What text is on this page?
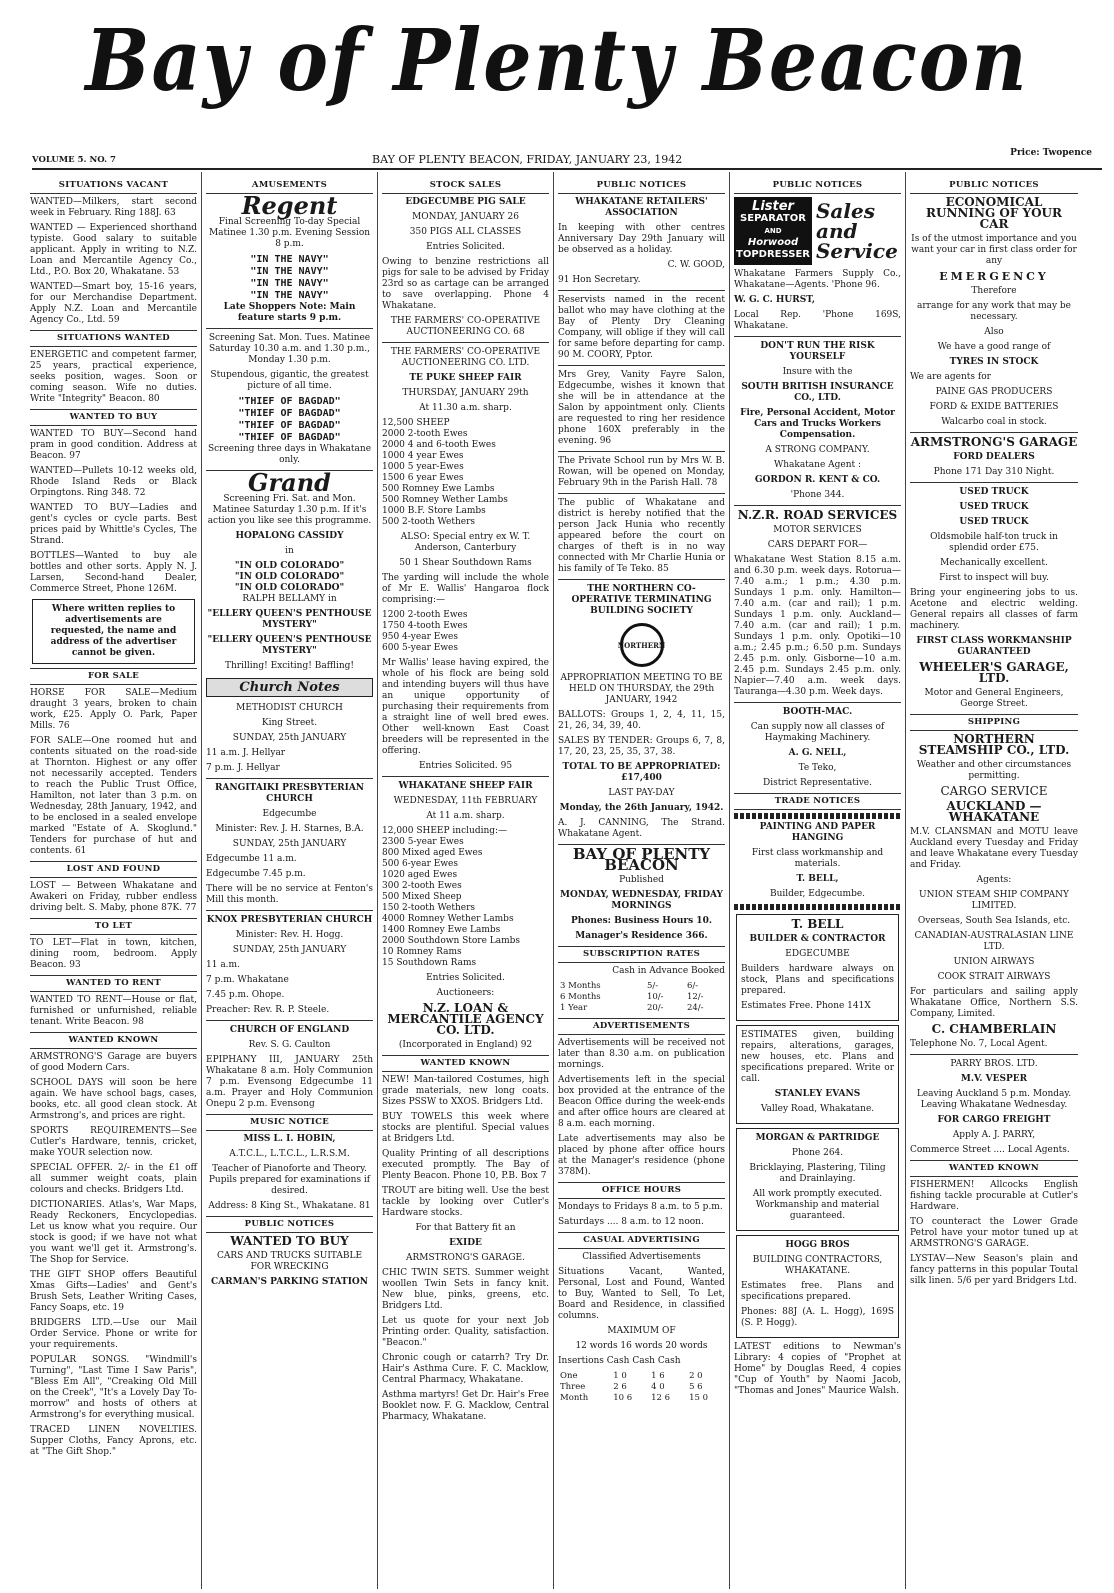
Bay of Plenty Beacon
Price: Twopence
VOLUME 5. NO. 7	BAY OF PLENTY BEACON, FRIDAY, JANUARY 23, 1942
SITUATIONS VACANT

WANTED—Milkers, start second week in February. Ring 188J. 63

WANTED — Experienced shorthand typiste. Good salary to suitable applicant. Apply in writing to N.Z. Loan and Mercantile Agency Co., Ltd., P.O. Box 20, Whakatane. 53

WANTED—Smart boy, 15-16 years, for our Merchandise Department. Apply N.Z. Loan and Mercantile Agency Co., Ltd. 59

SITUATIONS WANTED

ENERGETIC and competent farmer, 25 years, practical experience, seeks position, wages. Soon or coming season. Wife no duties. Write "Integrity" Beacon. 80

WANTED TO BUY

WANTED TO BUY—Second hand pram in good condition. Address at Beacon. 97

WANTED—Pullets 10-12 weeks old, Rhode Island Reds or Black Orpingtons. Ring 348. 72

WANTED TO BUY—Ladies and gent's cycles or cycle parts. Best prices paid by Whittle's Cycles, The Strand.

BOTTLES—Wanted to buy ale bottles and other sorts. Apply N. J. Larsen, Second-hand Dealer, Commerce Street, Phone 126M.

Where written replies to advertisements are requested, the name and address of the advertiser cannot be given.
FOR SALE

HORSE FOR SALE—Medium draught 3 years, broken to chain work, £25. Apply O. Park, Paper Mills. 76

FOR SALE—One roomed hut and contents situated on the road-side at Thornton. Highest or any offer not necessarily accepted. Tenders to reach the Public Trust Office, Hamilton, not later than 3 p.m. on Wednesday, 28th January, 1942, and to be enclosed in a sealed envelope marked "Estate of A. Skoglund." Tenders for purchase of hut and contents. 61

LOST AND FOUND

LOST — Between Whakatane and Awakeri on Friday, rubber endless driving belt. S. Maby, phone 87K. 77

TO LET

TO LET—Flat in town, kitchen, dining room, bedroom. Apply Beacon. 93

WANTED TO RENT

WANTED TO RENT—House or flat, furnished or unfurnished, reliable tenant. Write Beacon. 98

WANTED KNOWN

ARMSTRONG'S Garage are buyers of good Modern Cars.

SCHOOL DAYS will soon be here again. We have school bags, cases, books, etc. all good clean stock. At Armstrong's, and prices are right.

SPORTS REQUIREMENTS—See Cutler's Hardware, tennis, cricket, make YOUR selection now.

SPECIAL OFFER. 2/- in the £1 off all summer weight coats, plain colours and checks. Bridgers Ltd.

DICTIONARIES. Atlas's, War Maps, Ready Reckoners, Encyclopedias. Let us know what you require. Our stock is good; if we have not what you want we'll get it. Armstrong's. The Shop for Service.

THE GIFT SHOP offers Beautiful Xmas Gifts—Ladies' and Gent's Brush Sets, Leather Writing Cases, Fancy Soaps, etc. 19

BRIDGERS LTD.—Use our Mail Order Service. Phone or write for your requirements.

POPULAR SONGS. "Windmill's Turning", "Last Time I Saw Paris", "Bless Em All", "Creaking Old Mill on the Creek", "It's a Lovely Day To-morrow" and hosts of others at Armstrong's for everything musical.

TRACED LINEN NOVELTIES. Supper Cloths, Fancy Aprons, etc. at "The Gift Shop."

AMUSEMENTS
Regent

Final Screening To-day Special Matinee 1.30 p.m. Evening Session 8 p.m.

"IN THE NAVY"
"IN THE NAVY"
"IN THE NAVY"
"IN THE NAVY"

Late Shoppers Note: Main feature starts 9 p.m.

Screening Sat. Mon. Tues. Matinee Saturday 10.30 a.m. and 1.30 p.m., Monday 1.30 p.m.

Stupendous, gigantic, the greatest picture of all time.

"THIEF OF BAGDAD"
"THIEF OF BAGDAD"
"THIEF OF BAGDAD"
"THIEF OF BAGDAD"

Screening three days in Whakatane only.

Grand

Screening Fri. Sat. and Mon. Matinee Saturday 1.30 p.m. If it's action you like see this programme.

HOPALONG CASSIDY

in

"IN OLD COLORADO"
"IN OLD COLORADO"
"IN OLD COLORADO"

RALPH BELLAMY in

"ELLERY QUEEN'S PENTHOUSE MYSTERY"

"ELLERY QUEEN'S PENTHOUSE MYSTERY"

Thrilling! Exciting! Baffling!

Church Notes

METHODIST CHURCH

King Street.

SUNDAY, 25th JANUARY

11 a.m. J. Hellyar

7 p.m. J. Hellyar

RANGITAIKI PRESBYTERIAN CHURCH

Edgecumbe

Minister: Rev. J. H. Starnes, B.A.

SUNDAY, 25th JANUARY

Edgecumbe 11 a.m.

Edgecumbe 7.45 p.m.

There will be no service at Fenton's Mill this month.

KNOX PRESBYTERIAN CHURCH

Minister: Rev. H. Hogg.

SUNDAY, 25th JANUARY

11 a.m.

7 p.m. Whakatane

7.45 p.m. Ohope.

Preacher: Rev. R. P. Steele.

CHURCH OF ENGLAND

Rev. S. G. Caulton

EPIPHANY III, JANUARY 25th Whakatane 8 a.m. Holy Communion 7 p.m. Evensong Edgecumbe 11 a.m. Prayer and Holy Communion Onepu 2 p.m. Evensong

MUSIC NOTICE

MISS L. I. HOBIN,

A.T.C.L., L.T.C.L., L.R.S.M.

Teacher of Pianoforte and Theory. Pupils prepared for examinations if desired.

Address: 8 King St., Whakatane. 81

PUBLIC NOTICES

WANTED TO BUY

CARS AND TRUCKS SUITABLE FOR WRECKING

CARMAN'S PARKING STATION

STOCK SALES

EDGECUMBE PIG SALE

MONDAY, JANUARY 26

350 PIGS ALL CLASSES

Entries Solicited.

Owing to benzine restrictions all pigs for sale to be advised by Friday 23rd so as cartage can be arranged to save overlapping. Phone 4 Whakatane.

THE FARMERS' CO-OPERATIVE AUCTIONEERING CO. 68

THE FARMERS' CO-OPERATIVE AUCTIONEERING CO. LTD.

TE PUKE SHEEP FAIR

THURSDAY, JANUARY 29th

At 11.30 a.m. sharp.

12,500 SHEEP
2000 2-tooth Ewes
2000 4 and 6-tooth Ewes
1000 4 year Ewes
1000 5 year-Ewes
1500 6 year Ewes
500 Romney Ewe Lambs
500 Romney Wether Lambs
1000 B.F. Store Lambs
500 2-tooth Wethers

ALSO: Special entry ex W. T. Anderson, Canterbury

50 1 Shear Southdown Rams

The yarding will include the whole of Mr E. Wallis' Hangaroa flock comprising:—

1200 2-tooth Ewes
1750 4-tooth Ewes
950 4-year Ewes
600 5-year Ewes

Mr Wallis' lease having expired, the whole of his flock are being sold and intending buyers will thus have an unique opportunity of purchasing their requirements from a straight line of well bred ewes. Other well-known East Coast breeders will be represented in the offering.

Entries Solicited. 95

WHAKATANE SHEEP FAIR

WEDNESDAY, 11th FEBRUARY

At 11 a.m. sharp.

12,000 SHEEP including:—
2300 5-year Ewes
800 Mixed aged Ewes
500 6-year Ewes
1020 aged Ewes
300 2-tooth Ewes
500 Mixed Sheep
150 2-tooth Wethers
4000 Romney Wether Lambs
1400 Romney Ewe Lambs
2000 Southdown Store Lambs
10 Romney Rams
15 Southdown Rams

Entries Solicited.

Auctioneers:

N.Z. LOAN & MERCANTILE AGENCY CO. LTD.

(Incorporated in England) 92

WANTED KNOWN

NEW! Man-tailored Costumes, high grade materials, new long coats. Sizes PSSW to XXOS. Bridgers Ltd.

BUY TOWELS this week where stocks are plentiful. Special values at Bridgers Ltd.

Quality Printing of all descriptions executed promptly. The Bay of Plenty Beacon. Phone 10, P.B. Box 7

TROUT are biting well. Use the best tackle by looking over Cutler's Hardware stocks.

For that Battery fit an

EXIDE

ARMSTRONG'S GARAGE.

CHIC TWIN SETS. Summer weight woollen Twin Sets in fancy knit. New blue, pinks, greens, etc. Bridgers Ltd.

Let us quote for your next Job Printing order. Quality, satisfaction. "Beacon."

Chronic cough or catarrh? Try Dr. Hair's Asthma Cure. F. C. Macklow, Central Pharmacy, Whakatane.

Asthma martyrs! Get Dr. Hair's Free Booklet now. F. G. Macklow, Central Pharmacy, Whakatane.

PUBLIC NOTICES

WHAKATANE RETAILERS' ASSOCIATION

In keeping with other centres Anniversary Day 29th January will be observed as a holiday.

C. W. GOOD,

91 Hon Secretary.

Reservists named in the recent ballot who may have clothing at the Bay of Plenty Dry Cleaning Company, will oblige if they will call for same before departing for camp. 90 M. COORY, Pptor.

Mrs Grey, Vanity Fayre Salon, Edgecumbe, wishes it known that she will be in attendance at the Salon by appointment only. Clients are requested to ring her residence phone 160X preferably in the evening. 96

The Private School run by Mrs W. B. Rowan, will be opened on Monday, February 9th in the Parish Hall. 78

The public of Whakatane and district is hereby notified that the person Jack Hunia who recently appeared before the court on charges of theft is in no way connected with Mr Charlie Hunia or his family of Te Teko. 85

THE NORTHERN CO-OPERATIVE TERMINATING BUILDING SOCIETY

NORTHERN

APPROPRIATION MEETING TO BE HELD ON THURSDAY, the 29th JANUARY, 1942

BALLOTS: Groups 1, 2, 4, 11, 15, 21, 26, 34, 39, 40.

SALES BY TENDER: Groups 6, 7, 8, 17, 20, 23, 25, 35, 37, 38.

TOTAL TO BE APPROPRIATED: £17,400

LAST PAY-DAY

Monday, the 26th January, 1942.

A. J. CANNING, The Strand. Whakatane Agent.

BAY OF PLENTY BEACON

Published

MONDAY, WEDNESDAY, FRIDAY MORNINGS

Phones: Business Hours 10.

Manager's Residence 366.

SUBSCRIPTION RATES

Cash in Advance Booked

3 Months	5/-	6/-
6 Months	10/-	12/-
1 Year	20/-	24/-
ADVERTISEMENTS

Advertisements will be received not later than 8.30 a.m. on publication mornings.

Advertisements left in the special box provided at the entrance of the Beacon Office during the week-ends and after office hours are cleared at 8 a.m. each morning.

Late advertisements may also be placed by phone after office hours at the Manager's residence (phone 378M).

OFFICE HOURS

Mondays to Fridays 8 a.m. to 5 p.m.

Saturdays .... 8 a.m. to 12 noon.

CASUAL ADVERTISING

Classified Advertisements

Situations Vacant, Wanted, Personal, Lost and Found, Wanted to Buy, Wanted to Sell, To Let, Board and Residence, in classified columns.

MAXIMUM OF

12 words 16 words 20 words

Insertions Cash Cash Cash

One	1 0	1 6	2 0
Three	2 6	4 0	5 6
Month	10 6	12 6	15 0
PUBLIC NOTICES
Lister
SEPARATOR
AND
Horwood
TOPDRESSER
Sales and Service

Whakatane Farmers Supply Co., Whakatane—Agents. 'Phone 96.

W. G. C. HURST,

Local Rep. 'Phone 169S, Whakatane.

DON'T RUN THE RISK YOURSELF

Insure with the

SOUTH BRITISH INSURANCE CO., LTD.

Fire, Personal Accident, Motor Cars and Trucks Workers Compensation.

A STRONG COMPANY.

Whakatane Agent :

GORDON R. KENT & CO.

'Phone 344.

N.Z.R. ROAD SERVICES

MOTOR SERVICES

CARS DEPART FOR—

Whakatane West Station 8.15 a.m. and 6.30 p.m. week days. Rotorua—7.40 a.m.; 1 p.m.; 4.30 p.m. Sundays 1 p.m. only. Hamilton—7.40 a.m. (car and rail); 1 p.m. Sundays 1 p.m. only. Auckland—7.40 a.m. (car and rail); 1 p.m. Sundays 1 p.m. only. Opotiki—10 a.m.; 2.45 p.m.; 6.50 p.m. Sundays 2.45 p.m. only. Gisborne—10 a.m. 2.45 p.m. Sundays 2.45 p.m. only. Napier—7.40 a.m. week days. Tauranga—4.30 p.m. Week days.

BOOTH-MAC.

Can supply now all classes of Haymaking Machinery.

A. G. NELL,

Te Teko,

District Representative.

TRADE NOTICES

PAINTING AND PAPER HANGING

First class workmanship and materials.

T. BELL,

Builder, Edgecumbe.

T. BELL

BUILDER & CONTRACTOR

EDGECUMBE

Builders hardware always on stock, Plans and specifications prepared.

Estimates Free. Phone 141X

ESTIMATES given, building repairs, alterations, garages, new houses, etc. Plans and specifications prepared. Write or call.

STANLEY EVANS

Valley Road, Whakatane.

MORGAN & PARTRIDGE

Phone 264.

Bricklaying, Plastering, Tiling and Drainlaying.

All work promptly executed. Workmanship and material guaranteed.

HOGG BROS

BUILDING CONTRACTORS, WHAKATANE.

Estimates free. Plans and specifications prepared.

Phones: 88J (A. L. Hogg), 169S (S. P. Hogg).

LATEST editions to Newman's Library: 4 copies of "Prophet at Home" by Douglas Reed, 4 copies "Cup of Youth" by Naomi Jacob, "Thomas and Jones" Maurice Walsh.

PUBLIC NOTICES

ECONOMICAL RUNNING OF YOUR CAR

Is of the utmost importance and you want your car in first class order for any

EMERGENCY

Therefore

arrange for any work that may be necessary.

Also

We have a good range of

TYRES IN STOCK

We are agents for

PAINE GAS PRODUCERS

FORD & EXIDE BATTERIES

Walcarbo coal in stock.

ARMSTRONG'S GARAGE

FORD DEALERS

Phone 171 Day 310 Night.

USED TRUCK

USED TRUCK

USED TRUCK

Oldsmobile half-ton truck in splendid order £75.

Mechanically excellent.

First to inspect will buy.

Bring your engineering jobs to us. Acetone and electric welding. General repairs all classes of farm machinery.

FIRST CLASS WORKMANSHIP GUARANTEED

WHEELER'S GARAGE, LTD.

Motor and General Engineers, George Street.

SHIPPING

NORTHERN STEAMSHIP CO., LTD.

Weather and other circumstances permitting.

CARGO SERVICE

AUCKLAND — WHAKATANE

M.V. CLANSMAN and MOTU leave Auckland every Tuesday and Friday and leave Whakatane every Tuesday and Friday.

Agents:

UNION STEAM SHIP COMPANY LIMITED.

Overseas, South Sea Islands, etc.

CANADIAN-AUSTRALASIAN LINE LTD.

UNION AIRWAYS

COOK STRAIT AIRWAYS

For particulars and sailing apply Whakatane Office, Northern S.S. Company, Limited.

C. CHAMBERLAIN

Telephone No. 7, Local Agent.

PARRY BROS. LTD.

M.V. VESPER

Leaving Auckland 5 p.m. Monday. Leaving Whakatane Wednesday.

FOR CARGO FREIGHT

Apply A. J. PARRY,

Commerce Street .... Local Agents.

WANTED KNOWN

FISHERMEN! Allcocks English fishing tackle procurable at Cutler's Hardware.

TO counteract the Lower Grade Petrol have your motor tuned up at ARMSTRONG'S GARAGE.

LYSTAV—New Season's plain and fancy patterns in this popular Toutal silk linen. 5/6 per yard Bridgers Ltd.
